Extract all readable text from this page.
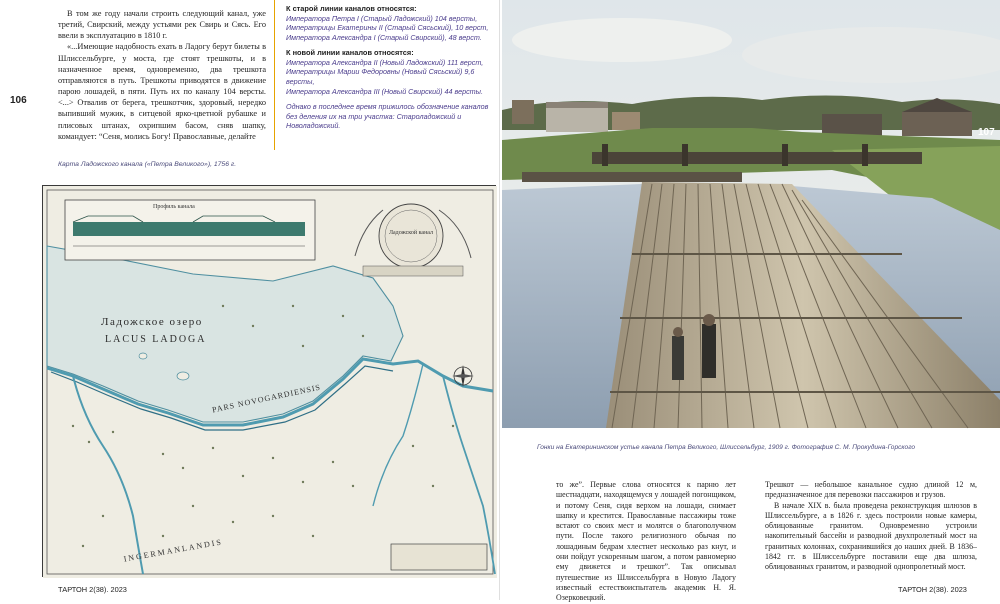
В том же году начали строить следующий канал, уже третий, Свирский, между устьями рек Свирь и Сясь. Его ввели в эксплуатацию в 1810 г.

«...Имеющие надобность ехать в Ладогу берут билеты в Шлиссельбурге, у моста, где стоят трешкоты, и в назначенное время, одновременно, два трешкота отправляются в путь. Трешкоты приводятся в движение парою лошадей, в пяти. Путь их по каналу 104 версты. <...> Отвалив от берега, трешкотчик, здоровый, нередко выпивший мужик, в ситцевой ярко-цветной рубашке и плисовых штанах, охрипшим басом, сняв шапку, командует: “Сеня, молись Богу! Православные, делайте

106
К старой линии каналов относятся:
Императора Петра I (Старый Ладожский) 104 версты,
Императрицы Екатерины II (Старый Сясьский), 10 верст,
Императора Александра I (Старый Свирский), 48 верст.
К новой линии каналов относятся:
Императора Александра II (Новый Ладожский) 111 верст,
Императрицы Марии Федоровны (Новый Сясьский) 9,6 версты,
Императора Александра III (Новый Свирский) 44 версты.
Однако в последнее время прижилось обозначение каналов без деления их на три участка: Староладожский и Новоладожский.
Карта Ладожского канала («Петра Великого»), 1756 г.
Ладожское озеро
LACUS LADOGA
Ладожской канал
PARS NOVOGARDIENSIS
INGERMANLANDIS
Профиль канала
ТАРТОН 2(38). 2023
107
Гонки на Екатерининском устье канала Петра Великого, Шлиссельбург, 1909 г. Фотография С. М. Прокудина-Горского

то же”. Первые слова относятся к парню лет шестнадцати, находящемуся у лошадей погонщиком, и потому Сеня, сидя верхом на лошади, снимает шапку и крестится. Православные пассажиры тоже встают со своих мест и молятся о благополучном пути. После такого религиозного обычая по лошадиным бедрам хлестнет несколько раз кнут, и они пойдут ускоренным шагом, а потом равномерно ему движется и трешкот”. Так описывал путешествие из Шлиссельбурга в Новую Ладогу известный естествоиспытатель академик Н. Я. Озерковецкий.

Трешкот — небольшое канальное судно длиной 12 м, предназначенное для перевозки пассажиров и грузов.

В начале XIX в. была проведена реконструкция шлюзов в Шлиссельбурге, а в 1826 г. здесь построили новые камеры, облицованные гранитом. Одновременно устроили накопительный бассейн и разводной двухпролетный мост на гранитных колоннах, сохранившийся до наших дней. В 1836–1842 гг. в Шлиссельбурге поставили еще два шлюза, облицованных гранитом, и разводной однопролетный мост.

ТАРТОН 2(38). 2023
